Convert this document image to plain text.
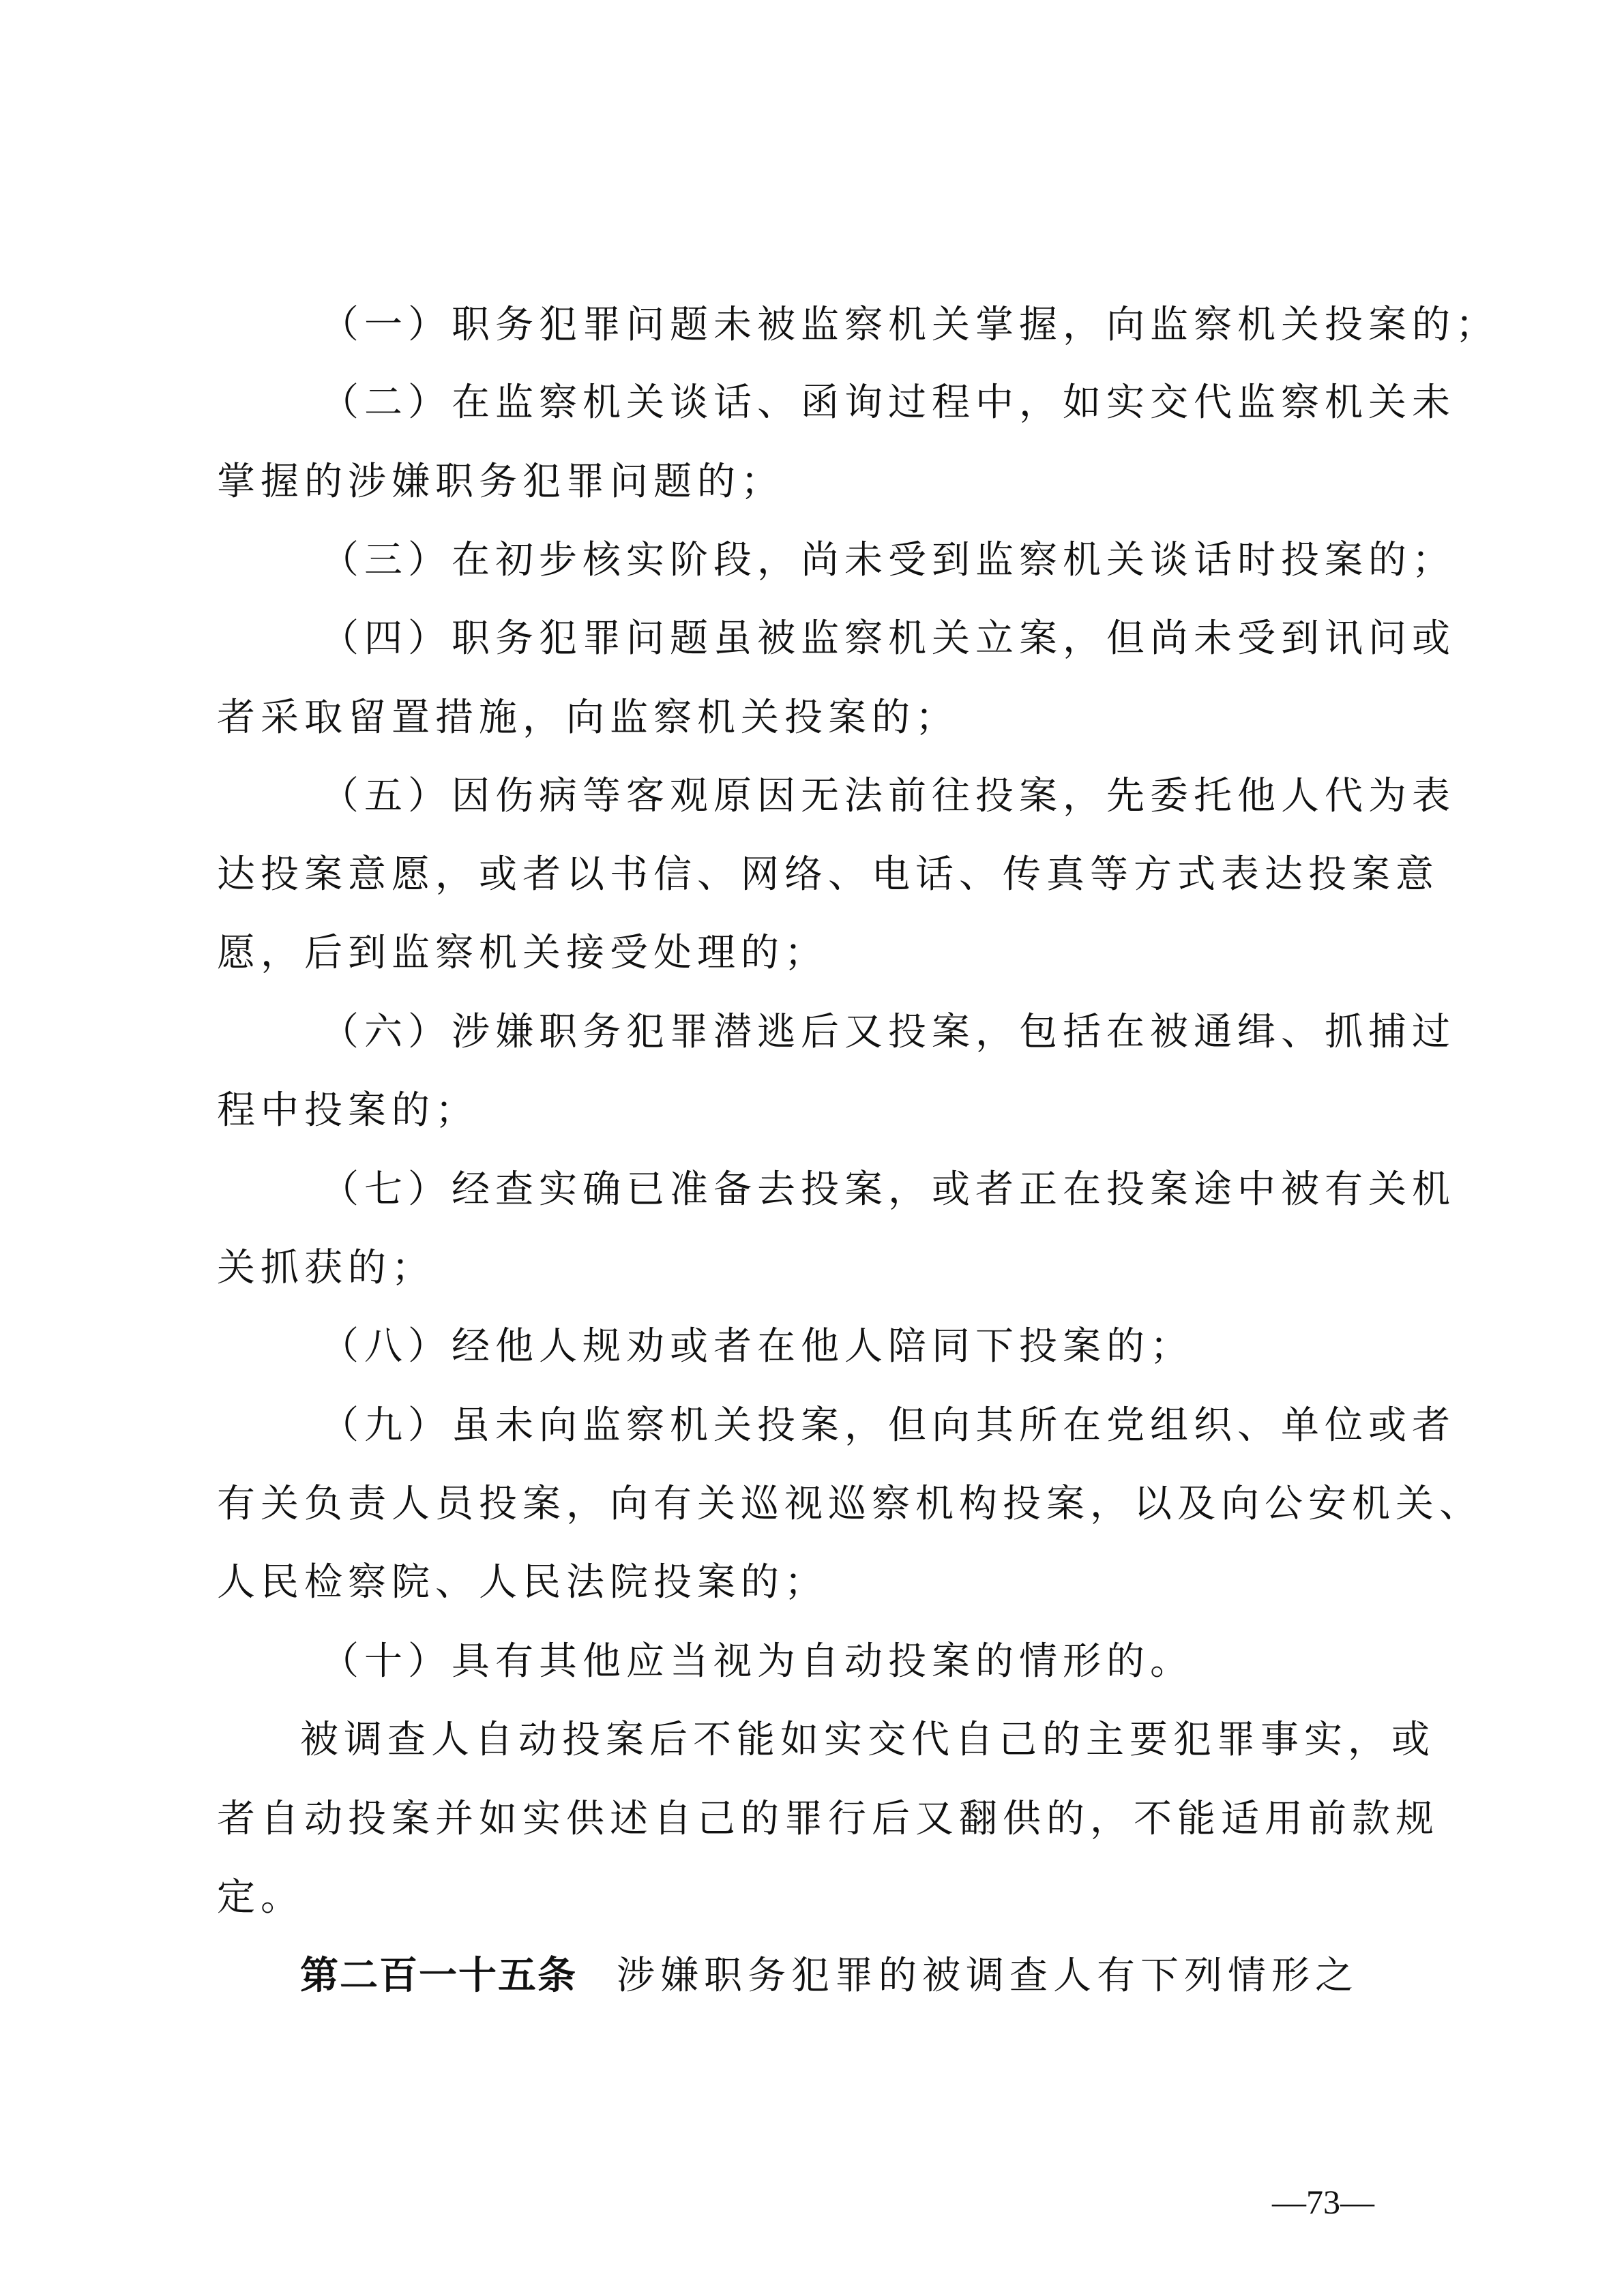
（一）职务犯罪问题未被监察机关掌握，向监察机关投案的；
（二）在监察机关谈话、函询过程中，如实交代监察机关未
掌握的涉嫌职务犯罪问题的；
（三）在初步核实阶段，尚未受到监察机关谈话时投案的；
（四）职务犯罪问题虽被监察机关立案，但尚未受到讯问或
者采取留置措施，向监察机关投案的；
（五）因伤病等客观原因无法前往投案，先委托他人代为表
达投案意愿，或者以书信、网络、电话、传真等方式表达投案意
愿，后到监察机关接受处理的；
（六）涉嫌职务犯罪潜逃后又投案，包括在被通缉、抓捕过
程中投案的；
（七）经查实确已准备去投案，或者正在投案途中被有关机
关抓获的；
（八）经他人规劝或者在他人陪同下投案的；
（九）虽未向监察机关投案，但向其所在党组织、单位或者
有关负责人员投案，向有关巡视巡察机构投案，以及向公安机关、
人民检察院、人民法院投案的；
（十）具有其他应当视为自动投案的情形的。
被调查人自动投案后不能如实交代自己的主要犯罪事实，或
者自动投案并如实供述自己的罪行后又翻供的，不能适用前款规
定。
第二百一十五条 涉嫌职务犯罪的被调查人有下列情形之
—73—
